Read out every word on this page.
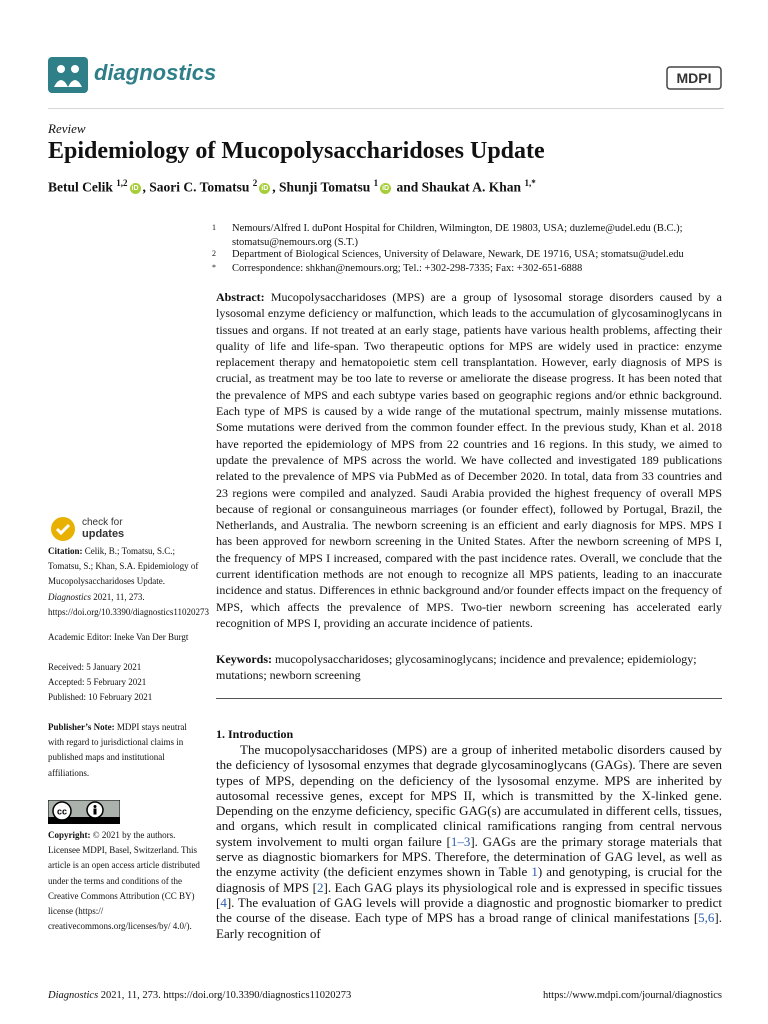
diagnostics	MDPI
Review
Epidemiology of Mucopolysaccharidoses Update
Betul Celik $^{1,2}$iD , Saori C. Tomatsu $^2$iD , Shunji Tomatsu $^1$iD and Shaukat A. Khan $^{1,*}$
1 Nemours/Alfred I. duPont Hospital for Children, Wilmington, DE 19803, USA; duzleme@udel.edu (B.C.);
stomatsu@nemours.org (S.T.)
2 Department of Biological Sciences, University of Delaware, Newark, DE 19716, USA; stomatsu@udel.edu
* Correspondence: shkhan@nemours.org; Tel.: +302-298-7335; Fax: +302-651-6888
Abstract: Mucopolysaccharidoses (MPS) are a group of lysosomal storage disorders caused by a lysosomal enzyme deficiency or malfunction, which leads to the accumulation of glycosaminoglycans in tissues and organs. If not treated at an early stage, patients have various health problems, affecting their quality of life and life-span. Two therapeutic options for MPS are widely used in practice: enzyme replacement therapy and hematopoietic stem cell transplantation. However, early diagnosis of MPS is crucial, as treatment may be too late to reverse or ameliorate the disease progress. It has been noted that the prevalence of MPS and each subtype varies based on geographic regions and/or ethnic background. Each type of MPS is caused by a wide range of the mutational spectrum, mainly missense mutations. Some mutations were derived from the common founder effect. In the previous study, Khan et al. 2018 have reported the epidemiology of MPS from 22 countries and 16 regions. In this study, we aimed to update the prevalence of MPS across the world. We have collected and investigated 189 publications related to the prevalence of MPS via PubMed as of December 2020. In total, data from 33 countries and 23 regions were compiled and analyzed. Saudi Arabia provided the highest frequency of overall MPS because of regional or consanguineous marriages (or founder effect), followed by Portugal, Brazil, the Netherlands, and Australia. The newborn screening is an efficient and early diagnosis for MPS. MPS I has been approved for newborn screening in the United States. After the newborn screening of MPS I, the frequency of MPS I increased, compared with the past incidence rates. Overall, we conclude that the current identification methods are not enough to recognize all MPS patients, leading to an inaccurate incidence and status. Differences in ethnic background and/or founder effects impact on the frequency of MPS, which affects the prevalence of MPS. Two-tier newborn screening has accelerated early recognition of MPS I, providing an accurate incidence of patients.
Keywords: mucopolysaccharidoses; glycosaminoglycans; incidence and prevalence; epidemiology; mutations; newborn screening
1. Introduction
The mucopolysaccharidoses (MPS) are a group of inherited metabolic disorders caused by the deficiency of lysosomal enzymes that degrade glycosaminoglycans (GAGs). There are seven types of MPS, depending on the deficiency of the lysosomal enzyme. MPS are inherited by autosomal recessive genes, except for MPS II, which is transmitted by the X-linked gene. Depending on the enzyme deficiency, specific GAG(s) are accumulated in different cells, tissues, and organs, which result in complicated clinical ramifications ranging from central nervous system involvement to multi organ failure [1–3]. GAGs are the primary storage materials that serve as diagnostic biomarkers for MPS. Therefore, the determination of GAG level, as well as the enzyme activity (the deficient enzymes shown in Table 1) and genotyping, is crucial for the diagnosis of MPS [2]. Each GAG plays its physiological role and is expressed in specific tissues [4]. The evaluation of GAG levels will provide a diagnostic and prognostic biomarker to predict the course of the disease. Each type of MPS has a broad range of clinical manifestations [5,6]. Early recognition of
check for
updates
Citation: Celik, B.; Tomatsu, S.C.; Tomatsu, S.; Khan, S.A. Epidemiology of Mucopolysaccharidoses Update. Diagnostics 2021, 11, 273. https://doi.org/10.3390/diagnostics11020273
Academic Editor: Ineke Van Der Burgt
Received: 5 January 2021
Accepted: 5 February 2021
Published: 10 February 2021
Publisher’s Note: MDPI stays neutral with regard to jurisdictional claims in published maps and institutional affiliations.
cc
Copyright: © 2021 by the authors. Licensee MDPI, Basel, Switzerland. This article is an open access article distributed under the terms and conditions of the Creative Commons Attribution (CC BY) license (https:// creativecommons.org/licenses/by/ 4.0/).
Diagnostics 2021, 11, 273. https://doi.org/10.3390/diagnostics11020273	https://www.mdpi.com/journal/diagnostics
